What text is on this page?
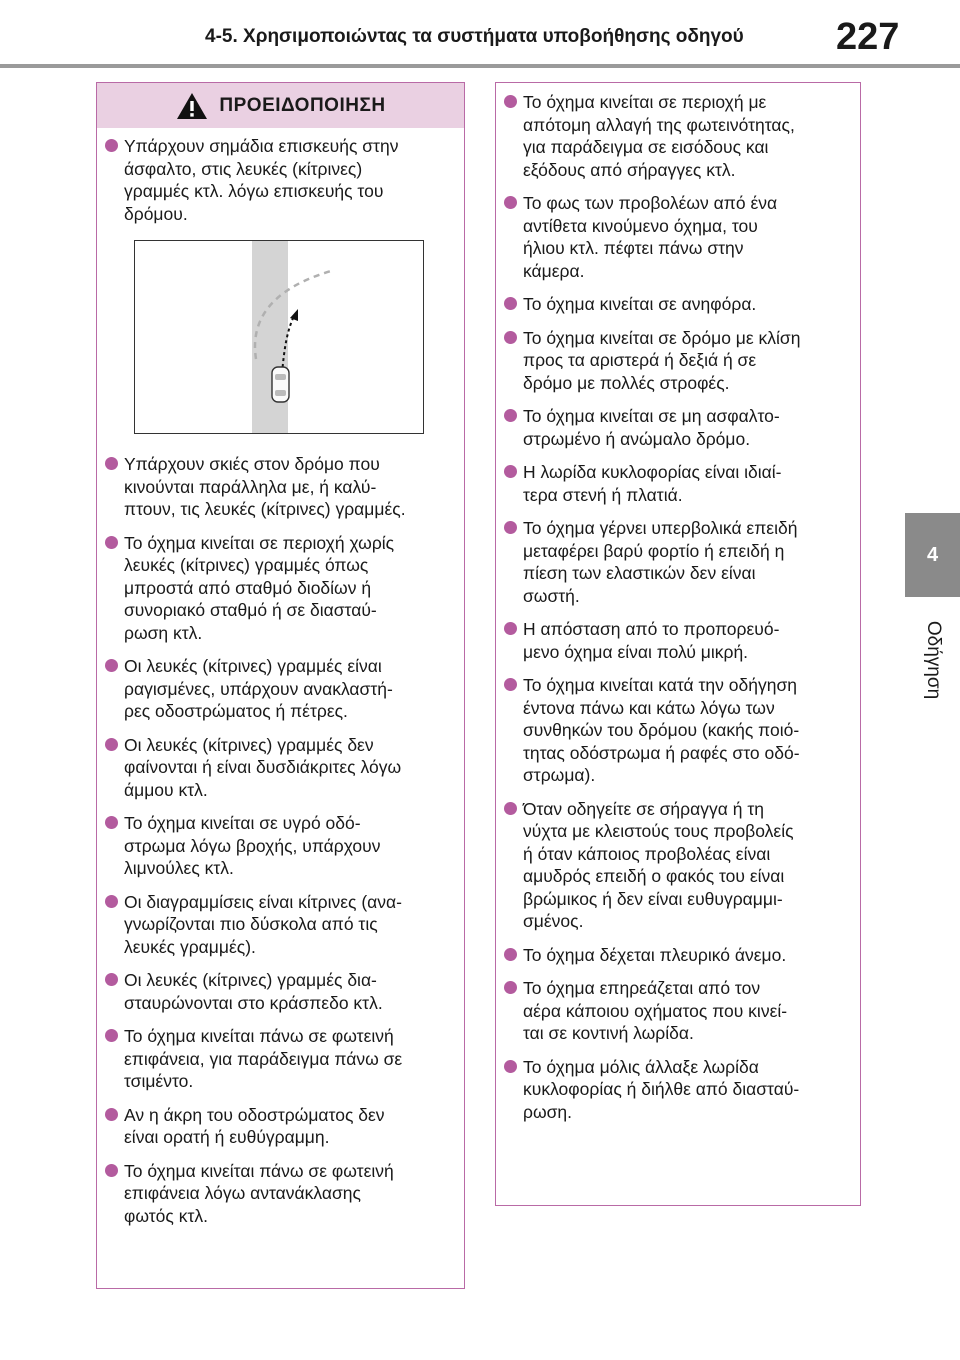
4-5. Χρησιμοποιώντας τα συστήματα υποβοήθησης οδηγού 227
4
Οδήγηση
ΠΡΟΕΙΔΟΠΟΙΗΣΗ
Υπάρχουν σημάδια επισκευής στην
άσφαλτο, στις λευκές (κίτρινες)
γραμμές κτλ. λόγω επισκευής του
δρόμου.
Υπάρχουν σκιές στον δρόμο που
κινούνται παράλληλα με, ή καλύ-
πτουν, τις λευκές (κίτρινες) γραμμές.
Το όχημα κινείται σε περιοχή χωρίς
λευκές (κίτρινες) γραμμές όπως
μπροστά από σταθμό διοδίων ή
συνοριακό σταθμό ή σε διασταύ-
ρωση κτλ.
Οι λευκές (κίτρινες) γραμμές είναι
ραγισμένες, υπάρχουν ανακλαστή-
ρες οδοστρώματος ή πέτρες.
Οι λευκές (κίτρινες) γραμμές δεν
φαίνονται ή είναι δυσδιάκριτες λόγω
άμμου κτλ.
Το όχημα κινείται σε υγρό οδό-
στρωμα λόγω βροχής, υπάρχουν
λιμνούλες κτλ.
Οι διαγραμμίσεις είναι κίτρινες (ανα-
γνωρίζονται πιο δύσκολα από τις
λευκές γραμμές).
Οι λευκές (κίτρινες) γραμμές δια-
σταυρώνονται στο κράσπεδο κτλ.
Το όχημα κινείται πάνω σε φωτεινή
επιφάνεια, για παράδειγμα πάνω σε
τσιμέντο.
Αν η άκρη του οδοστρώματος δεν
είναι ορατή ή ευθύγραμμη.
Το όχημα κινείται πάνω σε φωτεινή
επιφάνεια λόγω αντανάκλασης
φωτός κτλ.
Το όχημα κινείται σε περιοχή με
απότομη αλλαγή της φωτεινότητας,
για παράδειγμα σε εισόδους και
εξόδους από σήραγγες κτλ.
Το φως των προβολέων από ένα
αντίθετα κινούμενο όχημα, του
ήλιου κτλ. πέφτει πάνω στην
κάμερα.
Το όχημα κινείται σε ανηφόρα.
Το όχημα κινείται σε δρόμο με κλίση
προς τα αριστερά ή δεξιά ή σε
δρόμο με πολλές στροφές.
Το όχημα κινείται σε μη ασφαλτο-
στρωμένο ή ανώμαλο δρόμο.
Η λωρίδα κυκλοφορίας είναι ιδιαί-
τερα στενή ή πλατιά.
Το όχημα γέρνει υπερβολικά επειδή
μεταφέρει βαρύ φορτίο ή επειδή η
πίεση των ελαστικών δεν είναι
σωστή.
Η απόσταση από το προπορευό-
μενο όχημα είναι πολύ μικρή.
Το όχημα κινείται κατά την οδήγηση
έντονα πάνω και κάτω λόγω των
συνθηκών του δρόμου (κακής ποιό-
τητας οδόστρωμα ή ραφές στο οδό-
στρωμα).
Όταν οδηγείτε σε σήραγγα ή τη
νύχτα με κλειστούς τους προβολείς
ή όταν κάποιος προβολέας είναι
αμυδρός επειδή ο φακός του είναι
βρώμικος ή δεν είναι ευθυγραμμι-
σμένος.
Το όχημα δέχεται πλευρικό άνεμο.
Το όχημα επηρεάζεται από τον
αέρα κάποιου οχήματος που κινεί-
ται σε κοντινή λωρίδα.
Το όχημα μόλις άλλαξε λωρίδα
κυκλοφορίας ή διήλθε από διασταύ-
ρωση.
